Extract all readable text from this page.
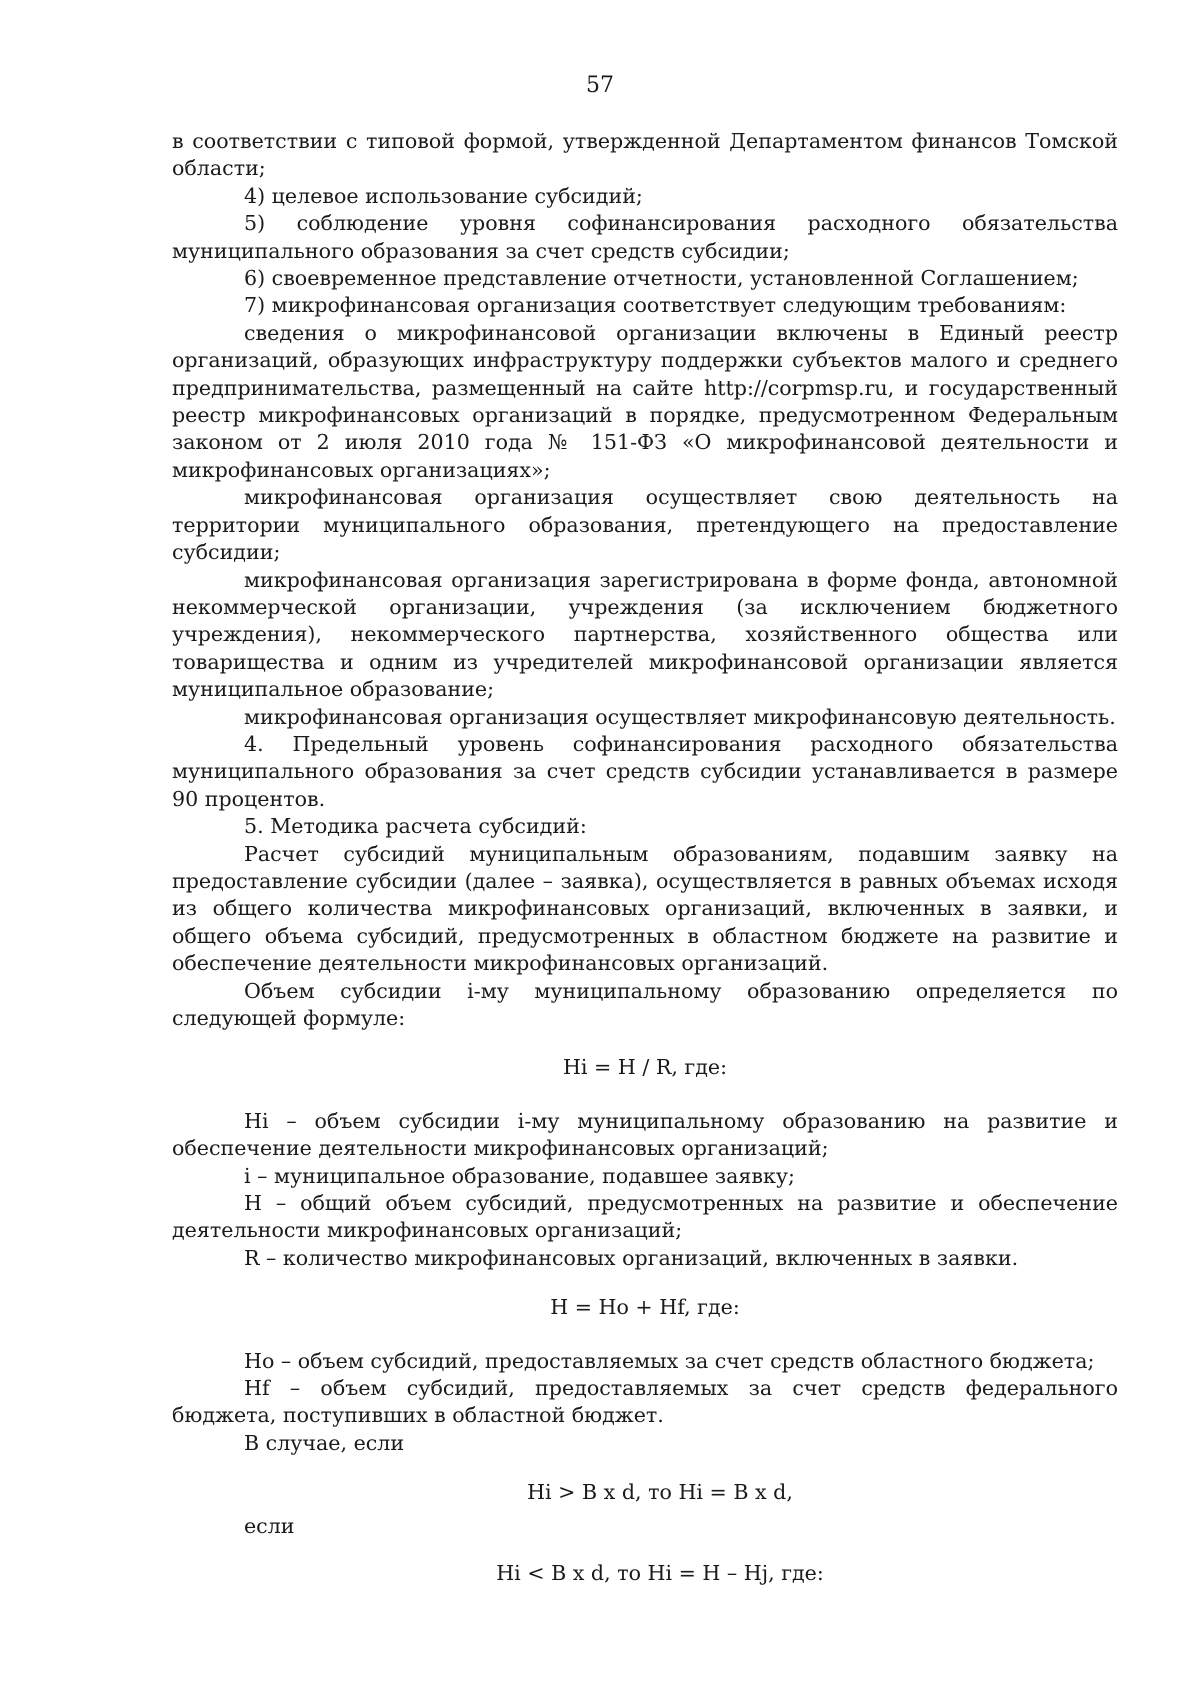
57

в соответствии с типовой формой, утвержденной Департаментом финансов Томской области;

4) целевое использование субсидий;

5) соблюдение уровня софинансирования расходного обязательства муниципального образования за счет средств субсидии;

6) своевременное представление отчетности, установленной Соглашением;

7) микрофинансовая организация соответствует следующим требованиям:

сведения о микрофинансовой организации включены в Единый реестр организаций, образующих инфраструктуру поддержки субъектов малого и среднего предпринимательства, размещенный на сайте http://corpmsp.ru, и государственный реестр микрофинансовых организаций в порядке, предусмотренном Федеральным законом от 2 июля 2010 года № 151-ФЗ «О микрофинансовой деятельности и микрофинансовых организациях»;

микрофинансовая организация осуществляет свою деятельность на территории муниципального образования, претендующего на предоставление субсидии;

микрофинансовая организация зарегистрирована в форме фонда, автономной некоммерческой организации, учреждения (за исключением бюджетного учреждения), некоммерческого партнерства, хозяйственного общества или товарищества и одним из учредителей микрофинансовой организации является муниципальное образование;

микрофинансовая организация осуществляет микрофинансовую деятельность.

4. Предельный уровень софинансирования расходного обязательства муниципального образования за счет средств субсидии устанавливается в размере 90 процентов.

5. Методика расчета субсидий:

Расчет субсидий муниципальным образованиям, подавшим заявку на предоставление субсидии (далее – заявка), осуществляется в равных объемах исходя из общего количества микрофинансовых организаций, включенных в заявки, и общего объема субсидий, предусмотренных в областном бюджете на развитие и обеспечение деятельности микрофинансовых организаций.

Объем субсидии i-му муниципальному образованию определяется по следующей формуле:

Hi = H / R, где:

Hi – объем субсидии i-му муниципальному образованию на развитие и обеспечение деятельности микрофинансовых организаций;

i – муниципальное образование, подавшее заявку;

H – общий объем субсидий, предусмотренных на развитие и обеспечение деятельности микрофинансовых организаций;

R – количество микрофинансовых организаций, включенных в заявки.

H = Ho + Hf, где:

Ho – объем субсидий, предоставляемых за счет средств областного бюджета;

Hf – объем субсидий, предоставляемых за счет средств федерального бюджета, поступивших в областной бюджет.

В случае, если

Hi > B x d, то Hi = B x d,

если

Hi < B x d, то Hi = H – Hj, где:
